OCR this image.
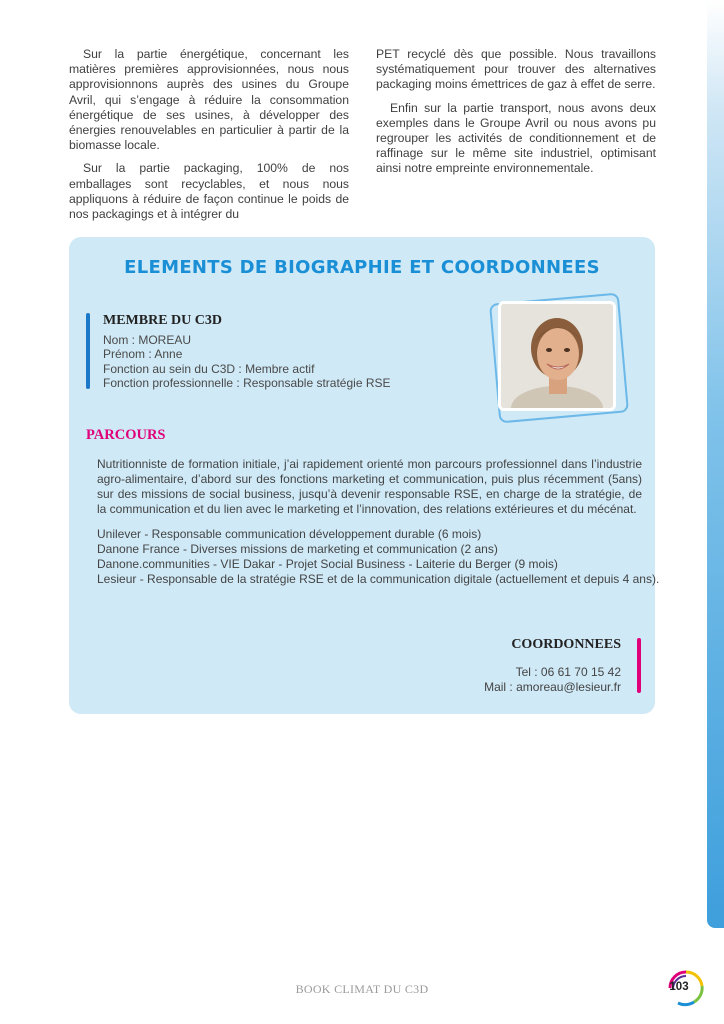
Sur la partie énergétique, concernant les matières premières approvisionnées, nous nous approvisionnons auprès des usines du Groupe Avril, qui s’engage à réduire la consommation énergétique de ses usines, à développer des énergies renouvelables en particulier à partir de la biomasse locale.

Sur la partie packaging, 100% de nos emballages sont recyclables, et nous nous appliquons à réduire de façon continue le poids de nos packagings et à intégrer du

PET recyclé dès que possible. Nous travaillons systématiquement pour trouver des alternatives packaging moins émettrices de gaz à effet de serre.

Enfin sur la partie transport, nous avons deux exemples dans le Groupe Avril ou nous avons pu regrouper les activités de conditionnement et de raffinage sur le même site industriel, optimisant ainsi notre empreinte environnementale.

ELEMENTS DE BIOGRAPHIE ET COORDONNEES
MEMBRE DU C3D
Nom : MOREAU
Prénom : Anne
Fonction au sein du C3D : Membre actif
Fonction professionnelle : Responsable stratégie RSE
PARCOURS
Nutritionniste de formation initiale, j’ai rapidement orienté mon parcours professionnel dans l’industrie agro-alimentaire, d’abord sur des fonctions marketing et communication, puis plus récemment (5ans) sur des missions de social business, jusqu’à devenir responsable RSE, en charge de la stratégie, de la communication et du lien avec le marketing et l’innovation, des relations extérieures et du mécénat.
Unilever - Responsable communication développement durable (6 mois)
Danone France - Diverses missions de marketing et communication (2 ans)
Danone.communities - VIE Dakar - Projet Social Business - Laiterie du Berger (9 mois)
Lesieur - Responsable de la stratégie RSE et de la communication digitale (actuellement et depuis 4 ans).
COORDONNEES
Tel : 06 61 70 15 42
Mail : amoreau@lesieur.fr
BOOK CLIMAT DU C3D	103
